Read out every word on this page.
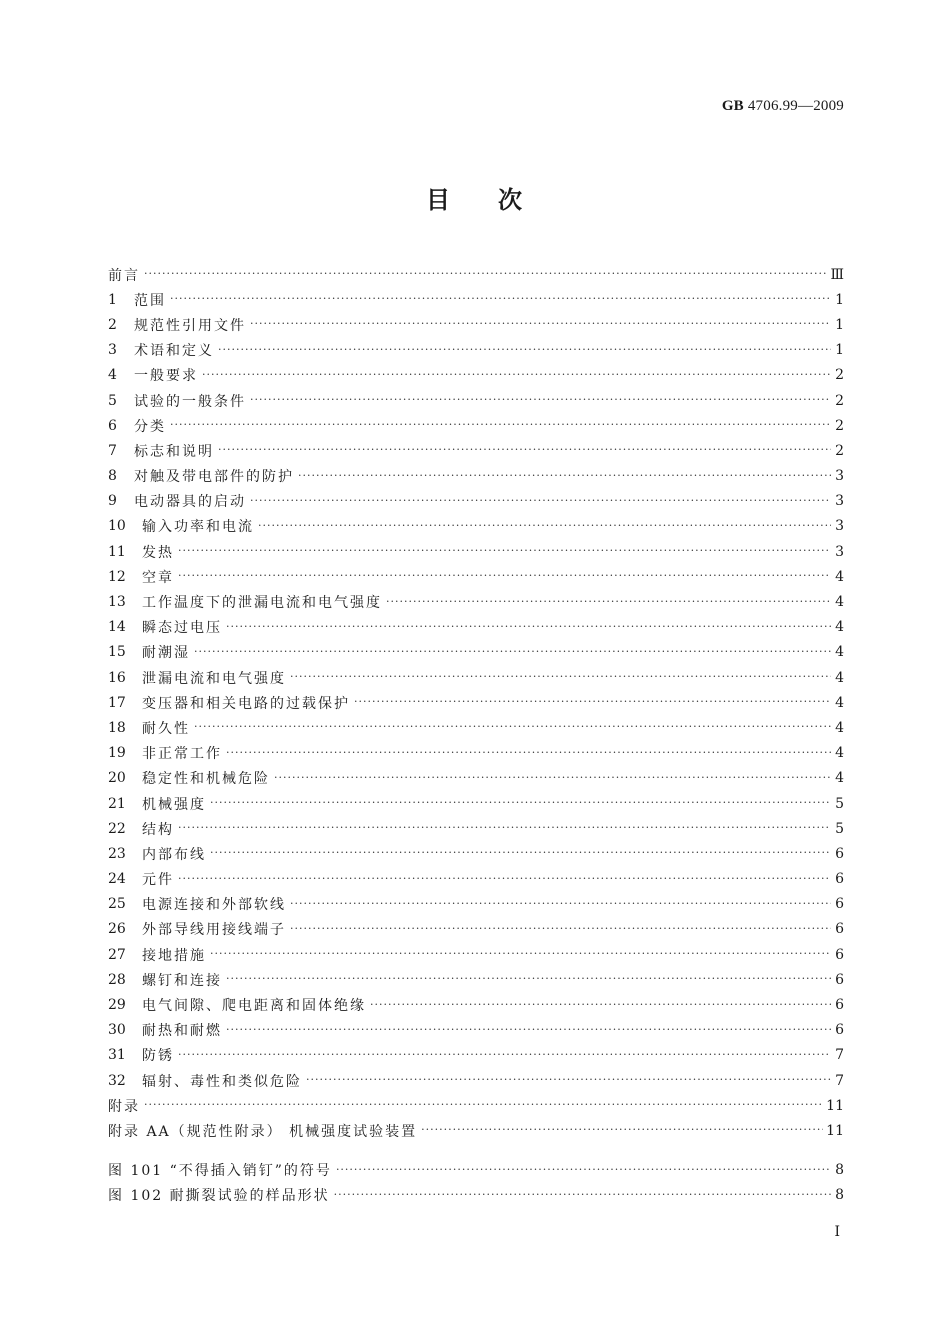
GB 4706.99—2009
目 次
前言 ·····	Ⅲ
1	范围 ·····	1
2	规范性引用文件 ·····	1
3	术语和定义 ·····	1
4	一般要求 ·····	2
5	试验的一般条件 ·····	2
6	分类 ·····	2
7	标志和说明 ·····	2
8	对触及带电部件的防护 ·····	3
9	电动器具的启动 ·····	3
10	输入功率和电流 ·····	3
11	发热 ·····	3
12	空章 ·····	4
13	工作温度下的泄漏电流和电气强度 ·····	4
14	瞬态过电压 ·····	4
15	耐潮湿 ·····	4
16	泄漏电流和电气强度 ·····	4
17	变压器和相关电路的过载保护 ·····	4
18	耐久性 ·····	4
19	非正常工作 ·····	4
20	稳定性和机械危险 ·····	4
21	机械强度 ·····	5
22	结构 ·····	5
23	内部布线 ·····	6
24	元件 ·····	6
25	电源连接和外部软线 ·····	6
26	外部导线用接线端子 ·····	6
27	接地措施 ·····	6
28	螺钉和连接 ·····	6
29	电气间隙、爬电距离和固体绝缘 ·····	6
30	耐热和耐燃 ·····	6
31	防锈 ·····	7
32	辐射、毒性和类似危险 ·····	7
附录 ·····	11
附录 AA（规范性附录） 机械强度试验装置 ·····	11
图 101 “不得插入销钉”的符号 ·····	8
图 102 耐撕裂试验的样品形状 ·····	8
I
